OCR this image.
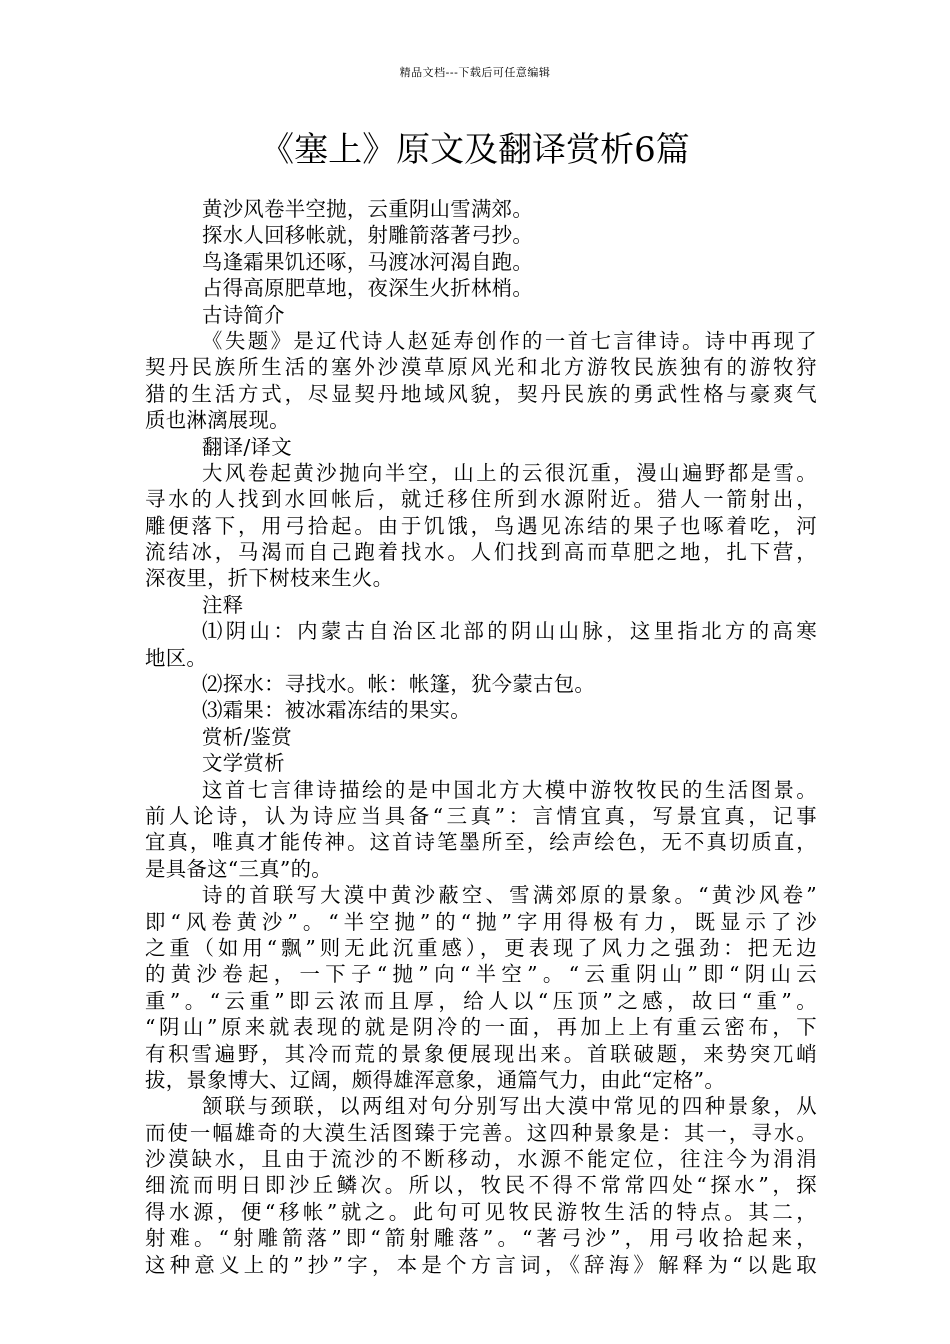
精品文档---下载后可任意编辑
《塞上》原文及翻译赏析6篇
黄沙风卷半空抛，云重阴山雪满郊。
探水人回移帐就，射雕箭落著弓抄。
鸟逢霜果饥还啄，马渡冰河渴自跑。
占得高原肥草地，夜深生火折林梢。
古诗简介
《失题》是辽代诗人赵延寿创作的一首七言律诗。诗中再现了
契丹民族所生活的塞外沙漠草原风光和北方游牧民族独有的游牧狩
猎的生活方式，尽显契丹地域风貌，契丹民族的勇武性格与豪爽气
质也淋漓展现。
翻译/译文
大风卷起黄沙抛向半空，山上的云很沉重，漫山遍野都是雪。
寻水的人找到水回帐后，就迁移住所到水源附近。猎人一箭射出，
雕便落下，用弓拾起。由于饥饿，鸟遇见冻结的果子也啄着吃，河
流结冰，马渴而自己跑着找水。人们找到高而草肥之地，扎下营，
深夜里，折下树枝来生火。
注释
⑴阴山：内蒙古自治区北部的阴山山脉，这里指北方的高寒
地区。
⑵探水：寻找水。帐：帐篷，犹今蒙古包。
⑶霜果：被冰霜冻结的果实。
赏析/鉴赏
文学赏析
这首七言律诗描绘的是中国北方大模中游牧牧民的生活图景。
前人论诗，认为诗应当具备“三真”：言情宜真，写景宜真，记事
宜真，唯真才能传神。这首诗笔墨所至，绘声绘色，无不真切质直，
是具备这“三真”的。
诗的首联写大漠中黄沙蔽空、雪满郊原的景象。“黄沙风卷”
即“风卷黄沙”。“半空抛”的“抛”字用得极有力，既显示了沙
之重（如用“飘”则无此沉重感），更表现了风力之强劲：把无边
的黄沙卷起，一下子“抛”向“半空”。“云重阴山”即“阴山云
重”。“云重”即云浓而且厚，给人以“压顶”之感，故曰“重”。
“阴山”原来就表现的就是阴冷的一面，再加上上有重云密布，下
有积雪遍野，其冷而荒的景象便展现出来。首联破题，来势突兀峭
拔，景象博大、辽阔，颇得雄浑意象，通篇气力，由此“定格”。
颔联与颈联，以两组对句分别写出大漠中常见的四种景象，从
而使一幅雄奇的大漠生活图臻于完善。这四种景象是：其一，寻水。
沙漠缺水，且由于流沙的不断移动，水源不能定位，往注今为涓涓
细流而明日即沙丘鳞次。所以，牧民不得不常常四处“探水”，探
得水源，便“移帐”就之。此句可见牧民游牧生活的特点。其二，
射难。“射雕箭落”即“箭射雕落”。“著弓沙”，用弓收拾起来，
这种意义上的”抄”字，本是个方言词，《辞海》解释为“以匙取
